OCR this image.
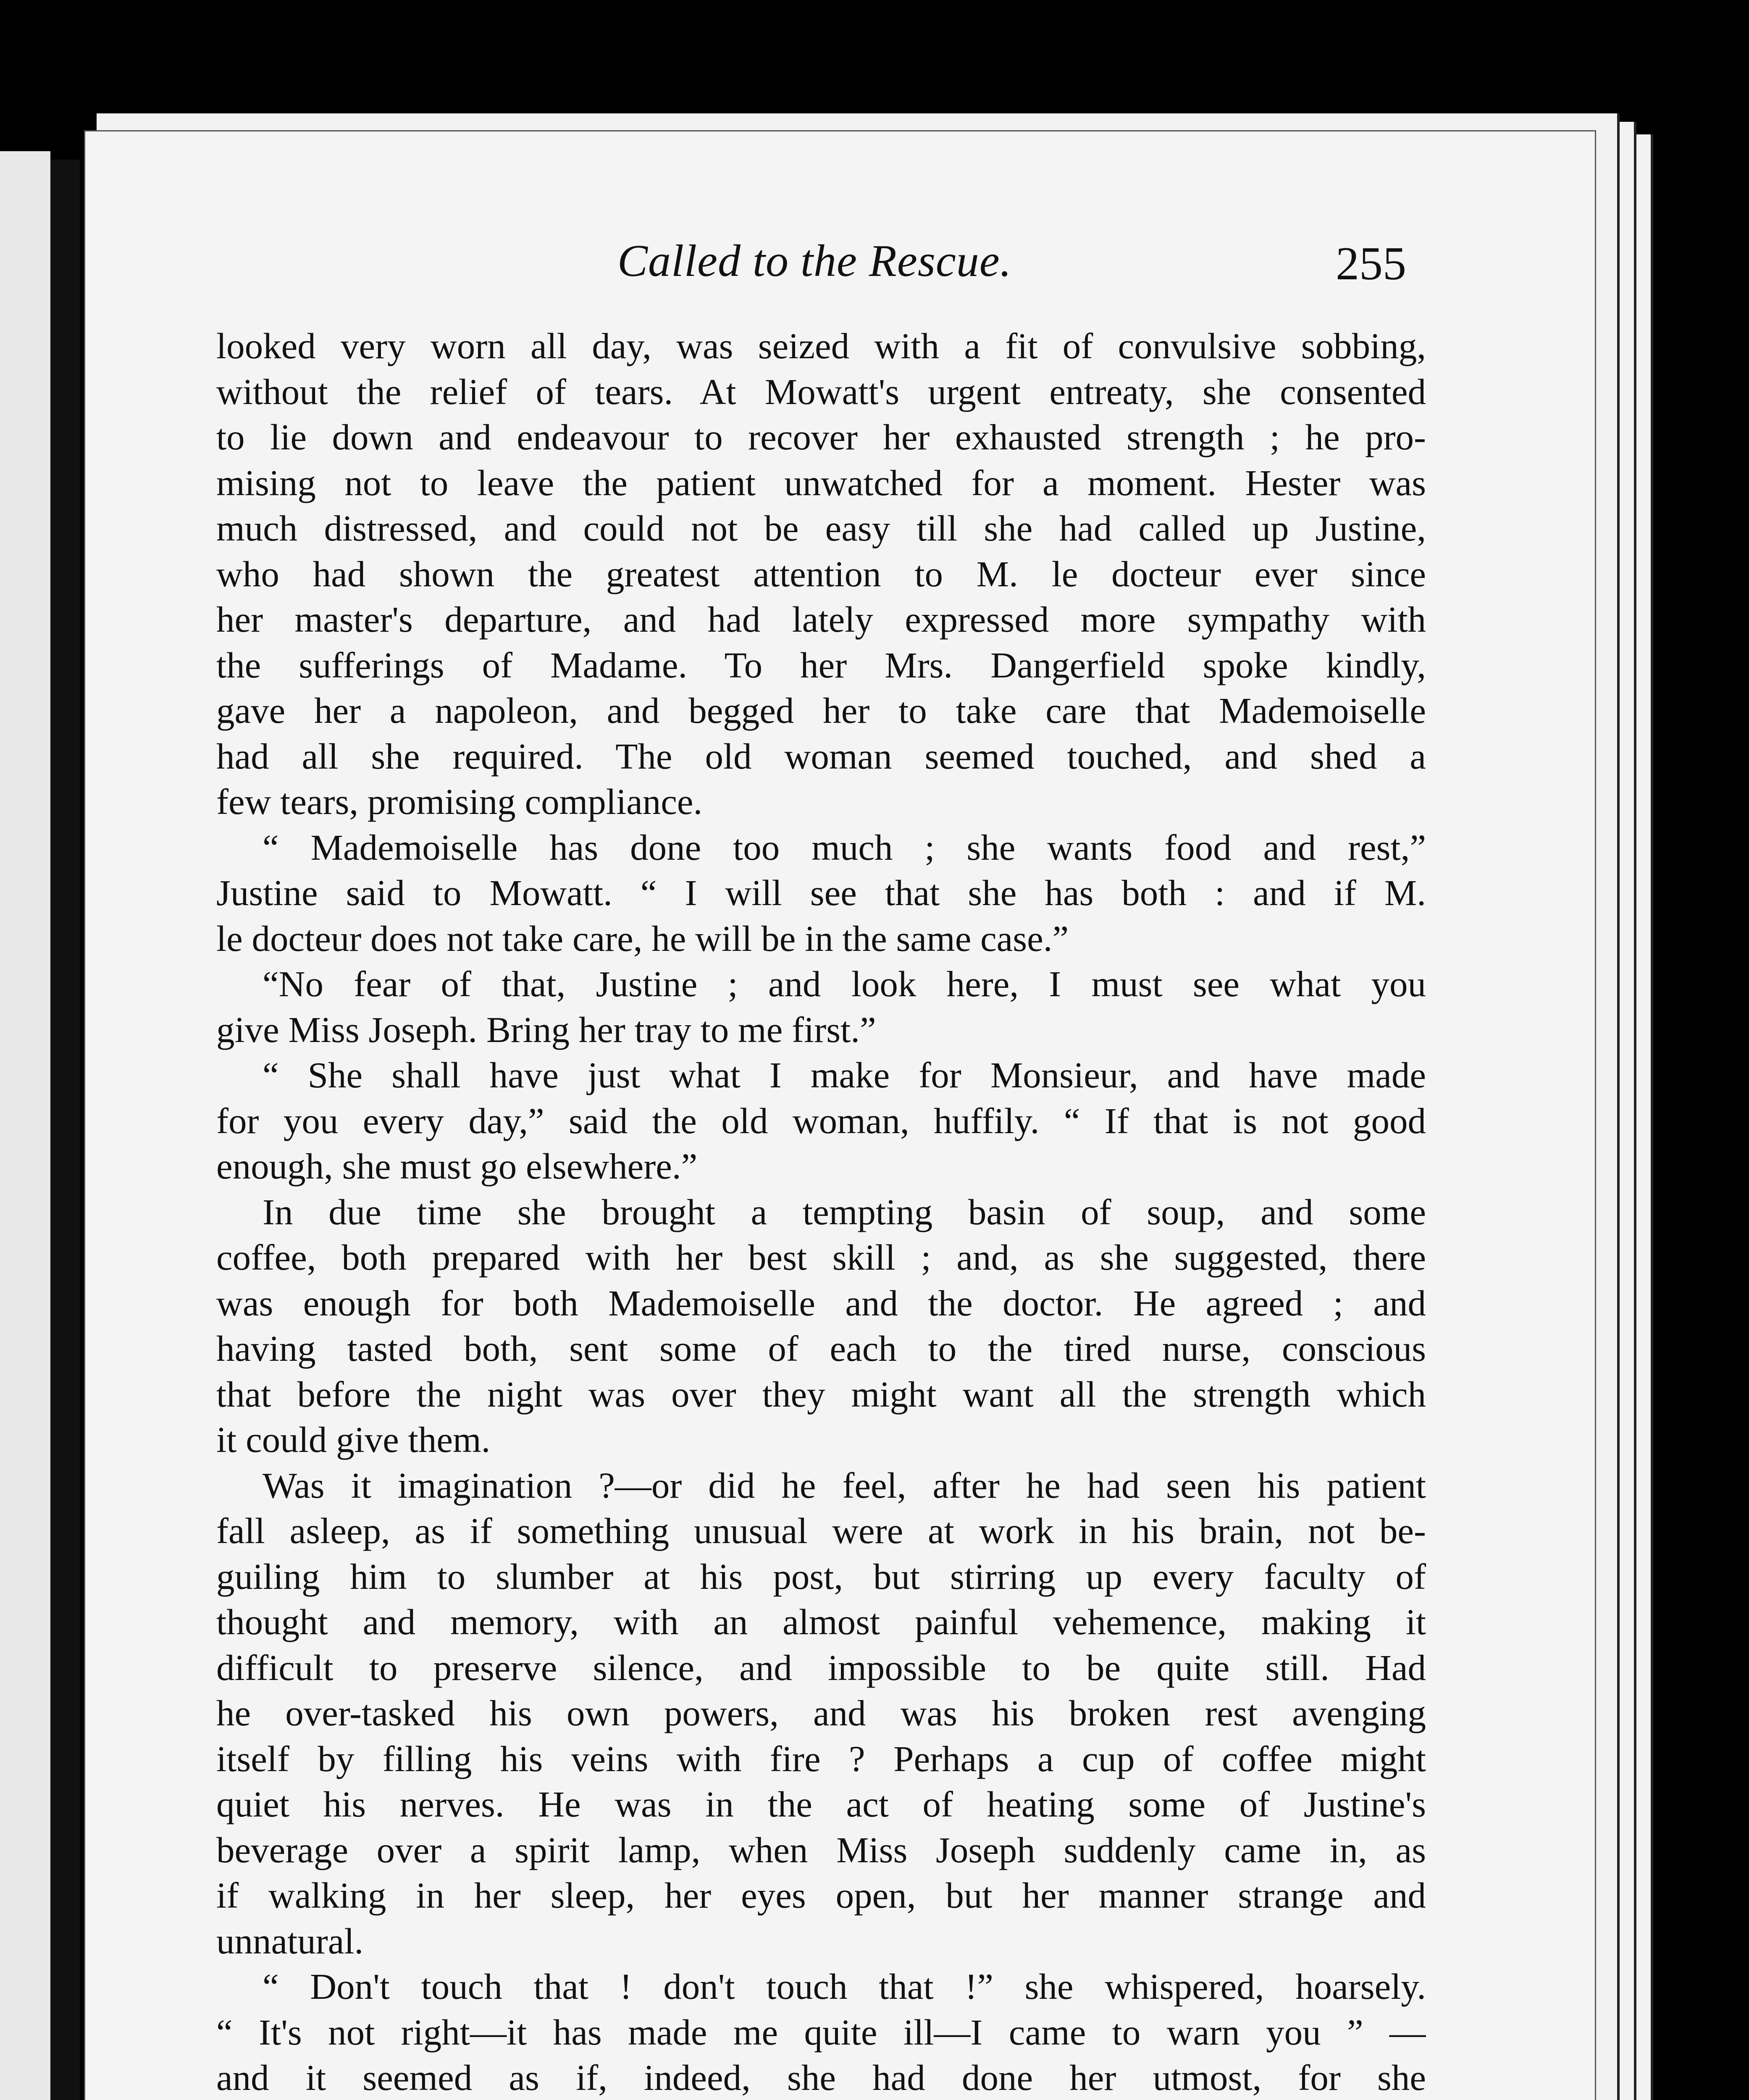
Called to the Rescue.	255
looked very worn all day, was seized with a fit of convulsive sobbing,
without the relief of tears. At Mowatt's urgent entreaty, she consented
to lie down and endeavour to recover her exhausted strength ; he pro-
mising not to leave the patient unwatched for a moment. Hester was
much distressed, and could not be easy till she had called up Justine,
who had shown the greatest attention to M. le docteur ever since
her master's departure, and had lately expressed more sympathy with
the sufferings of Madame. To her Mrs. Dangerfield spoke kindly,
gave her a napoleon, and begged her to take care that Mademoiselle
had all she required. The old woman seemed touched, and shed a
few tears, promising compliance.
“ Mademoiselle has done too much ; she wants food and rest,”
Justine said to Mowatt. “ I will see that she has both : and if M.
le docteur does not take care, he will be in the same case.”
“No fear of that, Justine ; and look here, I must see what you
give Miss Joseph. Bring her tray to me first.”
“ She shall have just what I make for Monsieur, and have made
for you every day,” said the old woman, huffily. “ If that is not good
enough, she must go elsewhere.”
In due time she brought a tempting basin of soup, and some
coffee, both prepared with her best skill ; and, as she suggested, there
was enough for both Mademoiselle and the doctor. He agreed ; and
having tasted both, sent some of each to the tired nurse, conscious
that before the night was over they might want all the strength which
it could give them.
Was it imagination ?—or did he feel, after he had seen his patient
fall asleep, as if something unusual were at work in his brain, not be-
guiling him to slumber at his post, but stirring up every faculty of
thought and memory, with an almost painful vehemence, making it
difficult to preserve silence, and impossible to be quite still. Had
he over-tasked his own powers, and was his broken rest avenging
itself by filling his veins with fire ? Perhaps a cup of coffee might
quiet his nerves. He was in the act of heating some of Justine's
beverage over a spirit lamp, when Miss Joseph suddenly came in, as
if walking in her sleep, her eyes open, but her manner strange and
unnatural.
“ Don't touch that ! don't touch that !” she whispered, hoarsely.
“ It's not right—it has made me quite ill—I came to warn you ” —
and it seemed as if, indeed, she had done her utmost, for she
